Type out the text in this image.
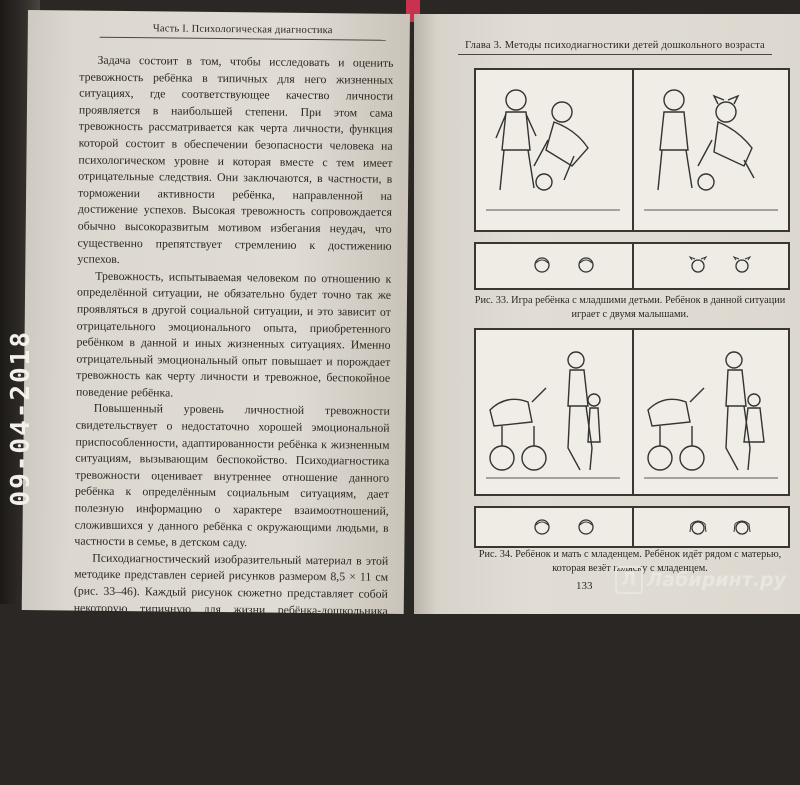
Часть I. Психологическая диагностика

Задача состоит в том, чтобы исследовать и оценить тревожность ребёнка в типичных для него жизненных ситуациях, где соответствующее качество личности проявляется в наибольшей степени. При этом сама тревожность рассматривается как черта личности, функция которой состоит в обеспечении безопасности человека на психологическом уровне и которая вместе с тем имеет отрицательные следствия. Они заключаются, в частности, в торможении активности ребёнка, направленной на достижение успехов. Высокая тревожность сопровождается обычно высокоразвитым мотивом избегания неудач, что существенно препятствует стремлению к достижению успехов.

Тревожность, испытываемая человеком по отношению к определённой ситуации, не обязательно будет точно так же проявляться в другой социальной ситуации, и это зависит от отрицательного эмоционального опыта, приобретенного ребёнком в данной и иных жизненных ситуациях. Именно отрицательный эмоциональный опыт повышает и порождает тревожность как черту личности и тревожное, беспокойное поведение ребёнка.

Повышенный уровень личностной тревожности свидетельствует о недостаточно хорошей эмоциональной приспособленности, адаптированности ребёнка к жизненным ситуациям, вызывающим беспокойство. Психодиагностика тревожности оценивает внутреннее отношение данного ребёнка к определённым социальным ситуациям, дает полезную информацию о характере взаимоотношений, сложившихся у данного ребёнка с окружающими людьми, в частности в семье, в детском саду.

Психодиагностический изобразительный материал в этой методике представлен серией рисунков размером 8,5 × 11 см (рис. 33–46). Каждый рисунок сюжетно представляет собой некоторую типичную для жизни ребёнка-дошкольника ситуацию.

Каждый из описанных рисунков выполнен в двух вариантах: для мальчиков (на рисунке изображён мальчик) и для девочек (на рисунке представлена девочка). В процессе тестирования испытуемый идентифицирует себя с ребёнком того же пола, что и он сам. Лицо данного ребёнка не прорисовано полностью, дан лишь общий контур его головы.

Каждый рисунок снабжен двумя дополнительными изображениями детской головы, по размерам точно соответствую

Глава 3. Методы психодиагностики детей дошкольного возраста
Рис. 33. Игра ребёнка с младшими детьми. Ребёнок в данной ситуации играет с двумя малышами.
Рис. 34. Ребёнок и мать с младенцем. Ребёнок идёт рядом с матерью, которая везёт коляску с младенцем.
133
09-04-2018
Л Лабиринт.ру
